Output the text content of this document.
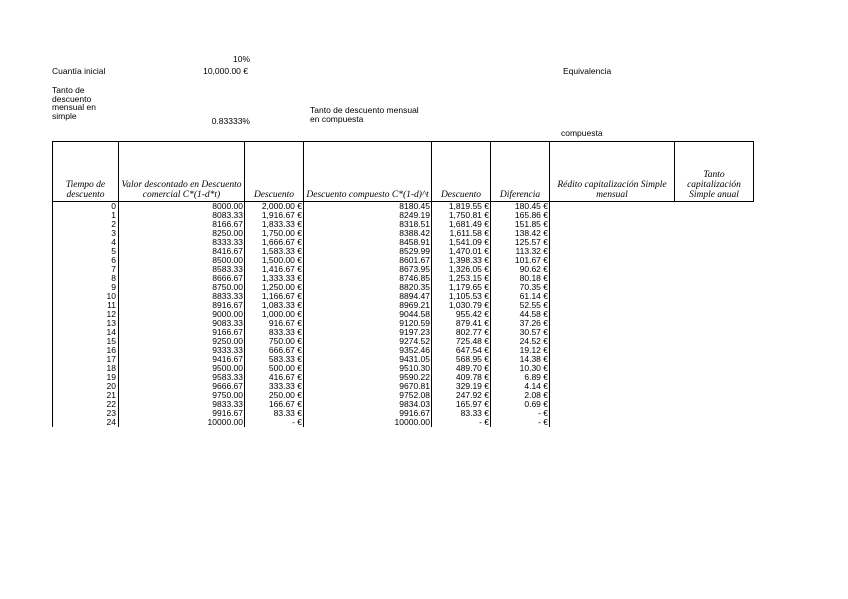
10%
Cuantía inicial	10,000.00 €	Equivalencia
Tanto de descuento mensual en simple
0.83333%
Tanto de descuento mensual en compuesta
compuesta
Tiempo de descuento	Valor descontado en Descuento comercial C*(1-d*t)	Descuento	Descuento compuesto C*(1-d)^t	Descuento	Diferencia	Rédito capitalización Simple mensual	Tanto capitalización Simple anual
0	8000.00	2,000.00 €	8180.45	1,819.55 €	180.45 €		
1	8083.33	1,916.67 €	8249.19	1,750.81 €	165.86 €		
2	8166.67	1,833.33 €	8318.51	1,681.49 €	151.85 €		
3	8250.00	1,750.00 €	8388.42	1,611.58 €	138.42 €		
4	8333.33	1,666.67 €	8458.91	1,541.09 €	125.57 €		
5	8416.67	1,583.33 €	8529.99	1,470.01 €	113.32 €		
6	8500.00	1,500.00 €	8601.67	1,398.33 €	101.67 €		
7	8583.33	1,416.67 €	8673.95	1,326.05 €	90.62 €		
8	8666.67	1,333.33 €	8746.85	1,253.15 €	80.18 €		
9	8750.00	1,250.00 €	8820.35	1,179.65 €	70.35 €		
10	8833.33	1,166.67 €	8894.47	1,105.53 €	61.14 €		
11	8916.67	1,083.33 €	8969.21	1,030.79 €	52.55 €		
12	9000.00	1,000.00 €	9044.58	955.42 €	44.58 €		
13	9083.33	916.67 €	9120.59	879.41 €	37.26 €		
14	9166.67	833.33 €	9197.23	802.77 €	30.57 €		
15	9250.00	750.00 €	9274.52	725.48 €	24.52 €		
16	9333.33	666.67 €	9352.46	647.54 €	19.12 €		
17	9416.67	583.33 €	9431.05	568.95 €	14.38 €		
18	9500.00	500.00 €	9510.30	489.70 €	10.30 €		
19	9583.33	416.67 €	9590.22	409.78 €	6.89 €		
20	9666.67	333.33 €	9670.81	329.19 €	4.14 €		
21	9750.00	250.00 €	9752.08	247.92 €	2.08 €		
22	9833.33	166.67 €	9834.03	165.97 €	0.69 €		
23	9916.67	83.33 €	9916.67	83.33 €	- €		
24	10000.00	- €	10000.00	- €	- €		
